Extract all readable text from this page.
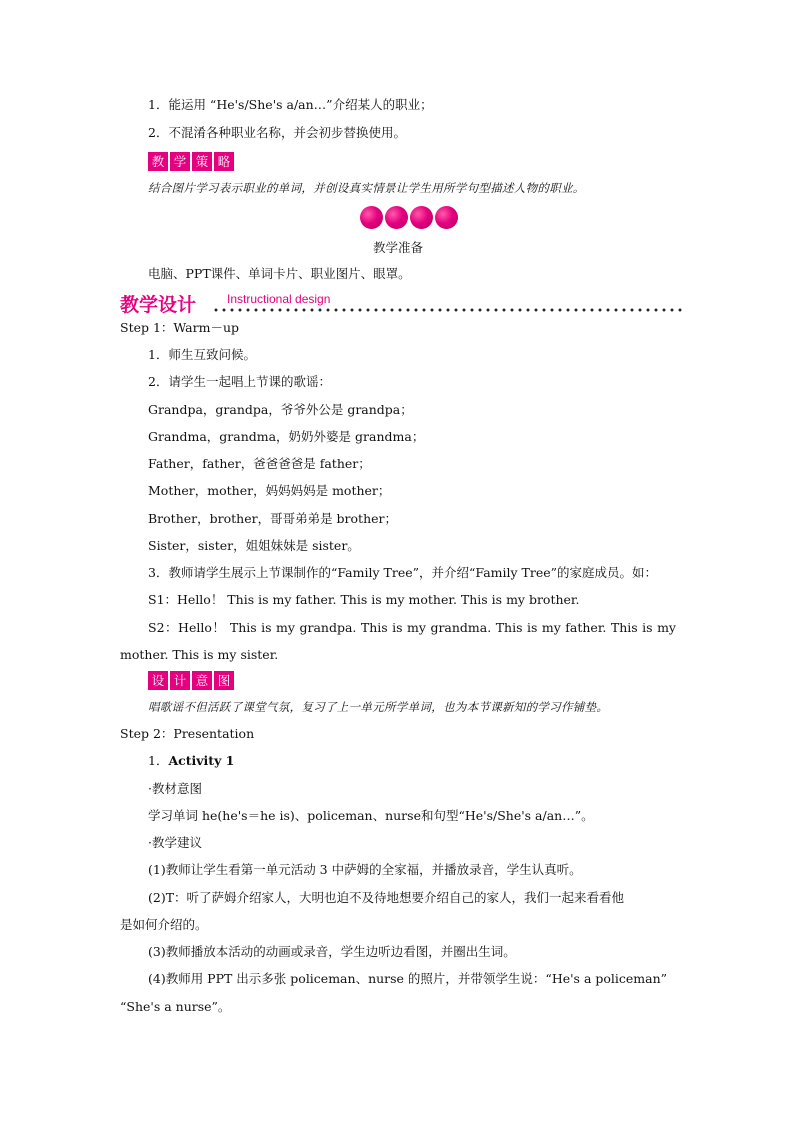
1．能运用 “He's/She's a/an…”介绍某人的职业；
2．不混淆各种职业名称，并会初步替换使用。
教 学 策 略
结合图片学习表示职业的单词，并创设真实情景让学生用所学句型描述人物的职业。
教学准备
电脑、PPT课件、单词卡片、职业图片、眼罩。
教学设计	Instructional design
Step 1：Warm－up
1．师生互致问候。
2．请学生一起唱上节课的歌谣：
Grandpa，grandpa，爷爷外公是 grandpa；
Grandma，grandma，奶奶外婆是 grandma；
Father，father，爸爸爸爸是 father；
Mother，mother，妈妈妈妈是 mother；
Brother，brother，哥哥弟弟是 brother；
Sister，sister，姐姐妹妹是 sister。
3．教师请学生展示上节课制作的“Family Tree”，并介绍“Family Tree”的家庭成员。如：
S1：Hello！ This is my father. This is my mother. This is my brother.
S2：Hello！ This is my grandpa. This is my grandma. This is my father. This is my
mother. This is my sister.
设 计 意 图
唱歌谣不但活跃了课堂气氛，复习了上一单元所学单词，也为本节课新知的学习作铺垫。
Step 2：Presentation
1．Activity 1
·教材意图
学习单词 he(he's＝he is)、policeman、nurse和句型“He's/She's a/an…”。
·教学建议
(1)教师让学生看第一单元活动 3 中萨姆的全家福，并播放录音，学生认真听。
(2)T：听了萨姆介绍家人，大明也迫不及待地想要介绍自己的家人，我们一起来看看他
是如何介绍的。
(3)教师播放本活动的动画或录音，学生边听边看图，并圈出生词。
(4)教师用 PPT 出示多张 policeman、nurse 的照片，并带领学生说：“He's a policeman”
“She's a nurse”。
